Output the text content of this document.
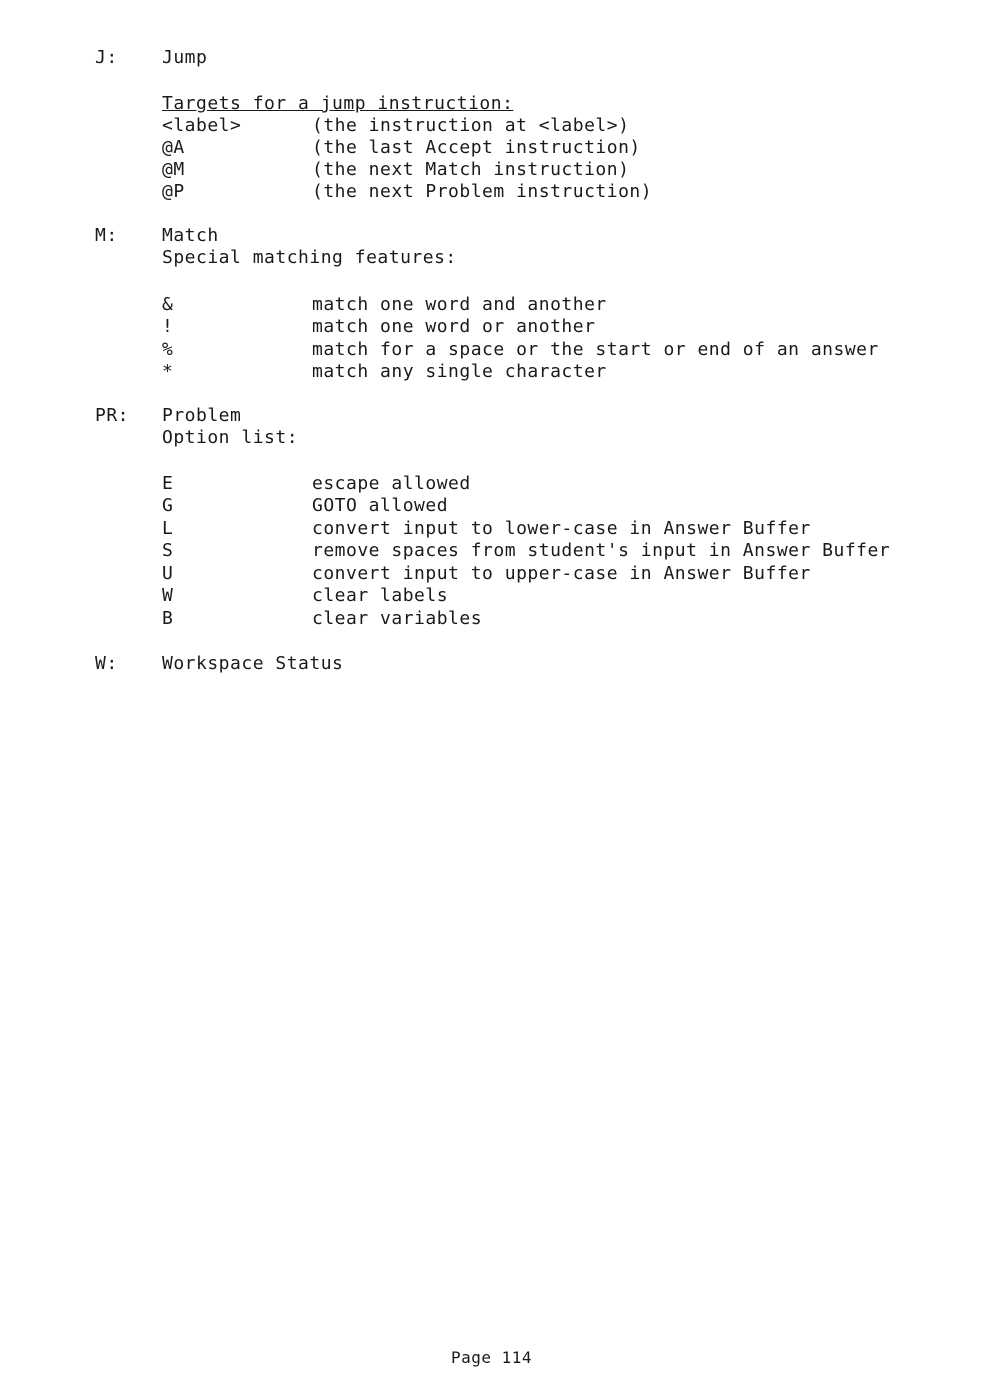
J: Jump
Targets for a jump instruction:
<label>	(the instruction at <label>)
@A	(the last Accept instruction)
@M	(the next Match instruction)
@P	(the next Problem instruction)
M: Match
Special matching features:
&	match one word and another
!	match one word or another
%	match for a space or the start or end of an answer
*	match any single character
PR: Problem
Option list:
E	escape allowed
G	GOTO allowed
L	convert input to lower-case in Answer Buffer
S	remove spaces from student's input in Answer Buffer
U	convert input to upper-case in Answer Buffer
W	clear labels
B	clear variables
W: Workspace Status
Page 114
